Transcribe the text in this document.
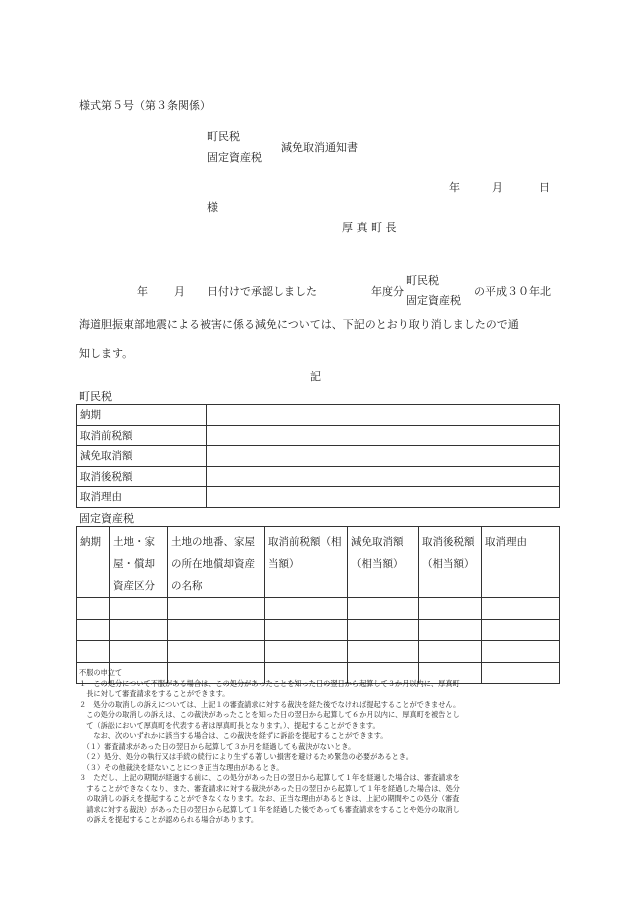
様式第５号（第３条関係）
町民税
固定資産税
減免取消通知書
年	月	日
様
厚 真 町 長
年 月 日付けで承認しました	年度分
町民税
固定資産税
の平成３０年北
海道胆振東部地震による被害に係る減免については、下記のとおり取り消しましたので通
知します。
記
町民税
納期	
取消前税額	
減免取消額	
取消後税額	
取消理由	
固定資産税
納期	土地・家屋・償却資産区分	土地の地番、家屋の所在地償却資産の名称	取消前税額（相当額）	減免取消額（相当額）	取消後税額（相当額）	取消理由

不服の申立て
１　この処分について不服がある場合は、この処分があったことを知った日の翌日から起算して３か月以内に、厚真町
　長に対して審査請求をすることができます。
２　処分の取消しの訴えについては、上記１の審査請求に対する裁決を経た後でなければ提起することができません。
　この処分の取消しの訴えは、この裁決があったことを知った日の翌日から起算して６か月以内に、厚真町を被告とし
　て（訴訟において厚真町を代表する者は厚真町長となります。）、提起することができます。
　　なお、次のいずれかに該当する場合は、この裁決を経ずに訴訟を提起することができます。
　（１）審査請求があった日の翌日から起算して３か月を経過しても裁決がないとき。
　（２）処分、処分の執行又は手続の続行により生ずる著しい損害を避けるため緊急の必要があるとき。
　（３）その他裁決を経ないことにつき正当な理由があるとき。
３　ただし、上記の期間が経過する前に、この処分があった日の翌日から起算して１年を経過した場合は、審査請求を
　することができなくなり、また、審査請求に対する裁決があった日の翌日から起算して１年を経過した場合は、処分
　の取消しの訴えを提起することができなくなります。なお、正当な理由があるときは、上記の期間やこの処分（審査
　請求に対する裁決）があった日の翌日から起算して１年を経過した後であっても審査請求をすることや処分の取消し
　の訴えを提起することが認められる場合があります。
